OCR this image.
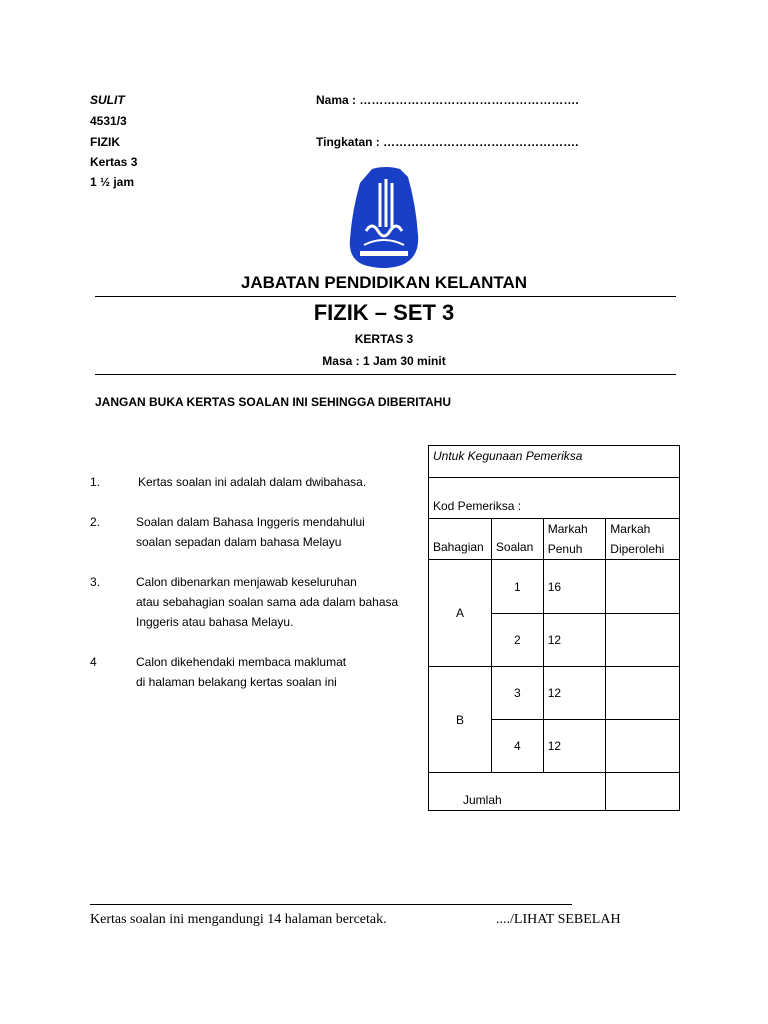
SULIT
4531/3
FIZIK
Kertas 3
1 ½ jam
Nama : ……………………………………………….
Tingkatan : ………………………………………….
JABATAN PENDIDIKAN KELANTAN
FIZIK – SET 3
KERTAS 3
Masa : 1 Jam 30 minit
JANGAN BUKA KERTAS SOALAN INI SEHINGGA DIBERITAHU
1.	Kertas soalan ini adalah dalam dwibahasa.
2.	Soalan dalam Bahasa Inggeris mendahului
soalan sepadan dalam bahasa Melayu
3.	Calon dibenarkan menjawab keseluruhan
atau sebahagian soalan sama ada dalam bahasa
Inggeris atau bahasa Melayu.
4	Calon dikehendaki membaca maklumat
di halaman belakang kertas soalan ini
Untuk Kegunaan Pemeriksa			
Kod Pemeriksa :			
Bahagian	Soalan	Markah Penuh	Markah Diperolehi
A	1	16	
	2	12	
B	3	12	
	4	12	
Jumlah			
Kertas soalan ini mengandungi 14 halaman bercetak.	..../LIHAT SEBELAH
